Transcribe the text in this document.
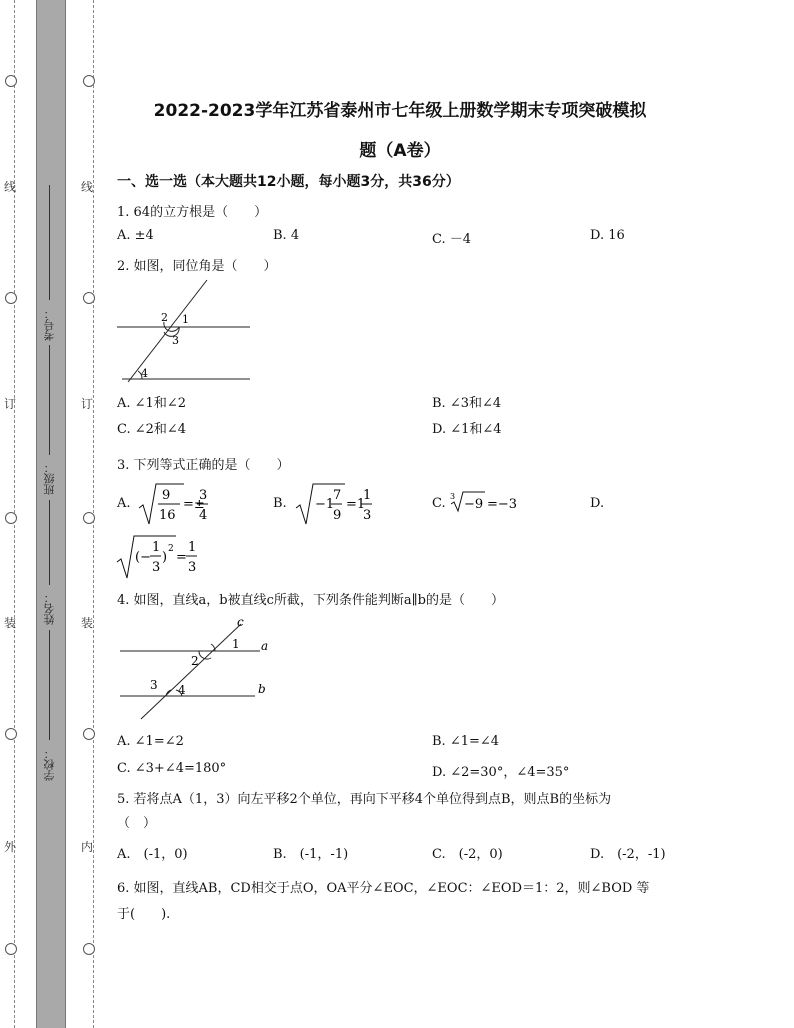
线
订
装
外
线
订
装
内
考号：
班级：
姓名：
学校：
2022-2023学年江苏省泰州市七年级上册数学期末专项突破模拟
题（A卷）
一、选一选（本大题共12小题，每小题3分，共36分）
1. 64的立方根是（　　）
A. ±4	B. 4	C. －4	D. 16
2. 如图，同位角是（　　）
1
2
3
4
A. ∠1和∠2	B. ∠3和∠4
C. ∠2和∠4	D. ∠1和∠4
3. 下列等式正确的是（　　）
A.	B.	C.	D.
9
16
=±
3
4
−1
7
9
=1
1
3
3
−9 =−3
(−
1
3
)
2
=
1
3
4. 如图，直线a，b被直线c所截，下列条件能判断a∥b的是（　　）
c
1 a
2
3 4	b
A. ∠1=∠2	B. ∠1=∠4
C. ∠3+∠4=180°	D. ∠2=30°，∠4=35°
5. 若将点A（1，3）向左平移2个单位，再向下平移4个单位得到点B，则点B的坐标为
（　）
A.　(-1，0)	B.　(-1，-1)	C.　(-2，0)	D.　(-2，-1)
6. 如图，直线AB，CD相交于点O，OA平分∠EOC，∠EOC：∠EOD＝1：2，则∠BOD 等
于(　　).
